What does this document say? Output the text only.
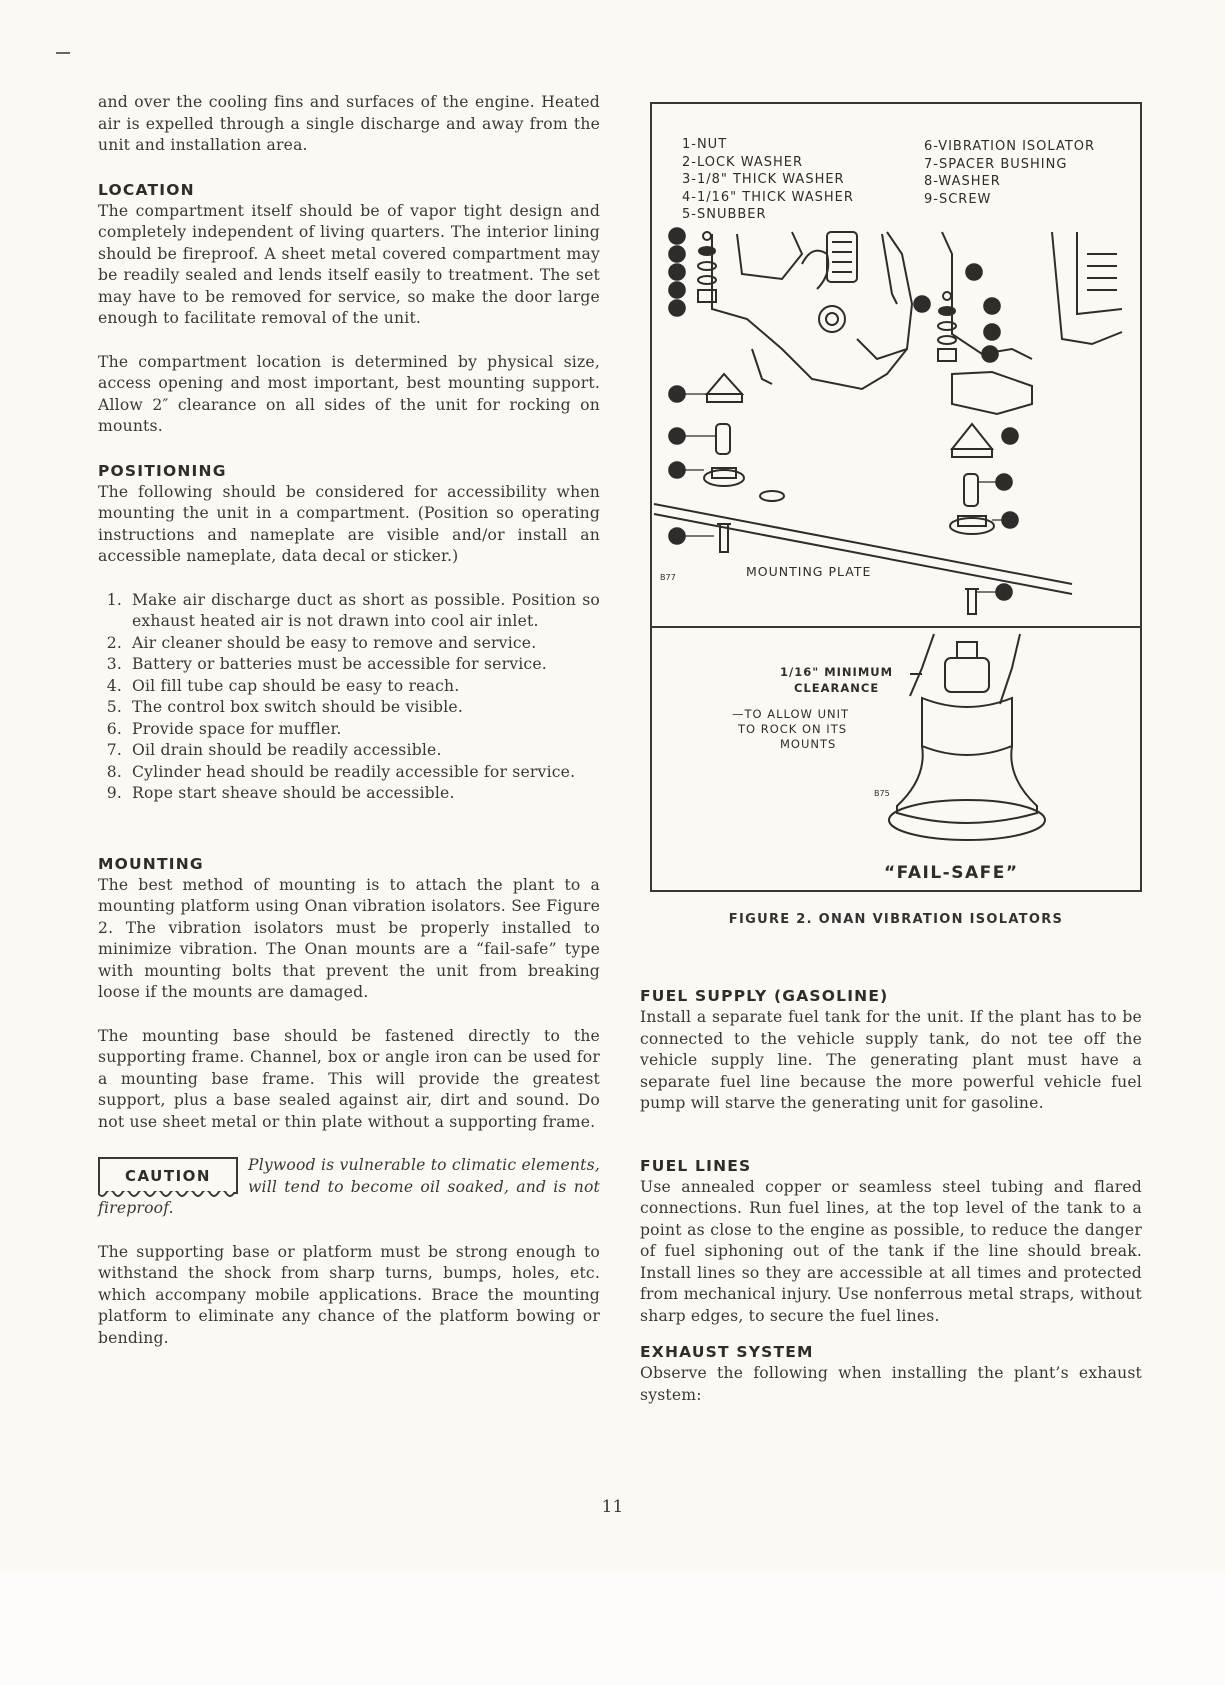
and over the cooling fins and surfaces of the engine. Heated air is expelled through a single discharge and away from the unit and installation area.

LOCATION

The compartment itself should be of vapor tight design and completely independent of living quarters. The interior lining should be fireproof. A sheet metal covered compartment may be readily sealed and lends itself easily to treatment. The set may have to be removed for service, so make the door large enough to facilitate removal of the unit.

The compartment location is determined by physical size, access opening and most important, best mounting support. Allow 2″ clearance on all sides of the unit for rocking on mounts.

POSITIONING

The following should be considered for accessibility when mounting the unit in a compartment. (Position so operating instructions and nameplate are visible and/or install an accessible nameplate, data decal or sticker.)

1. Make air discharge duct as short as possible. Position so exhaust heated air is not drawn into cool air inlet.
2. Air cleaner should be easy to remove and service.
3. Battery or batteries must be accessible for service.
4. Oil fill tube cap should be easy to reach.
5. The control box switch should be visible.
6. Provide space for muffler.
7. Oil drain should be readily accessible.
8. Cylinder head should be readily accessible for service.
9. Rope start sheave should be accessible.
MOUNTING

The best method of mounting is to attach the plant to a mounting platform using Onan vibration isolators. See Figure 2. The vibration isolators must be properly installed to minimize vibration. The Onan mounts are a “fail-safe” type with mounting bolts that prevent the unit from breaking loose if the mounts are damaged.

The mounting base should be fastened directly to the supporting frame. Channel, box or angle iron can be used for a mounting base frame. This will provide the greatest support, plus a base sealed against air, dirt and sound. Do not use sheet metal or thin plate without a supporting frame.

CAUTION

Plywood is vulnerable to climatic elements, will tend to become oil soaked, and is not fireproof.

The supporting base or platform must be strong enough to withstand the shock from sharp turns, bumps, holes, etc. which accompany mobile applications. Brace the mounting platform to eliminate any chance of the platform bowing or bending.

1-NUT
2-LOCK WASHER
3-1/8" THICK WASHER
4-1/16" THICK WASHER
5-SNUBBER
6-VIBRATION ISOLATOR
7-SPACER BUSHING
8-WASHER
9-SCREW
1
2
3
4
5
6
7
8
9
1
2
3
4
5
6
7
8
9
MOUNTING PLATE
B77
1/16" MINIMUM
CLEARANCE
—TO ALLOW UNIT
TO ROCK ON ITS
MOUNTS
B75
“FAIL-SAFE”
FIGURE 2. ONAN VIBRATION ISOLATORS
FUEL SUPPLY (GASOLINE)

Install a separate fuel tank for the unit. If the plant has to be connected to the vehicle supply tank, do not tee off the vehicle supply line. The generating plant must have a separate fuel line because the more powerful vehicle fuel pump will starve the generating unit for gasoline.

FUEL LINES

Use annealed copper or seamless steel tubing and flared connections. Run fuel lines, at the top level of the tank to a point as close to the engine as possible, to reduce the danger of fuel siphoning out of the tank if the line should break. Install lines so they are accessible at all times and protected from mechanical injury. Use nonferrous metal straps, without sharp edges, to secure the fuel lines.

EXHAUST SYSTEM

Observe the following when installing the plant’s exhaust system:

11
